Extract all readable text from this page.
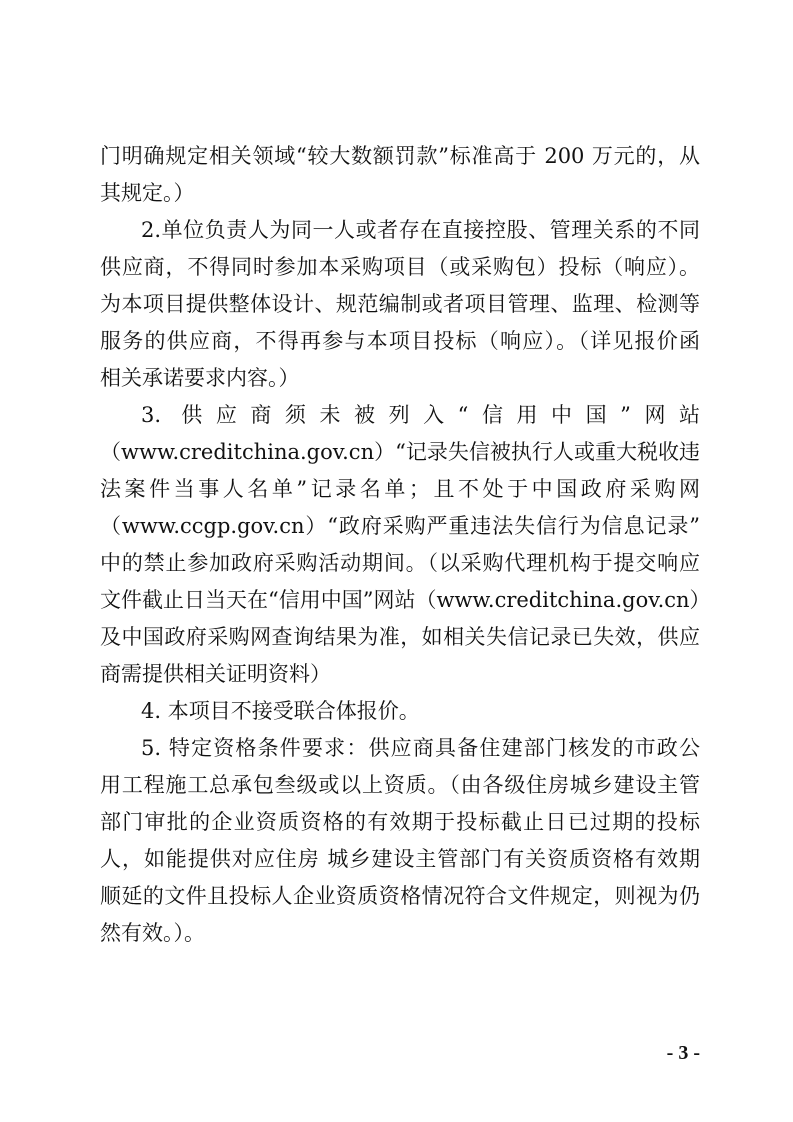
门明确规定相关领域“较大数额罚款”标准高于 200 万元的，从
其规定。）
2.单位负责人为同一人或者存在直接控股、管理关系的不同
供应商，不得同时参加本采购项目（或采购包）投标（响应）。
为本项目提供整体设计、规范编制或者项目管理、监理、检测等
服务的供应商，不得再参与本项目投标（响应）。（详见报价函
相关承诺要求内容。）
3. 供应商须未被列入“信用中国”网站
（www.creditchina.gov.cn）“记录失信被执行人或重大税收违
法案件当事人名单”记录名单；且不处于中国政府采购网
（www.ccgp.gov.cn）“政府采购严重违法失信行为信息记录”
中的禁止参加政府采购活动期间。（以采购代理机构于提交响应
文件截止日当天在“信用中国”网站（www.creditchina.gov.cn）
及中国政府采购网查询结果为准，如相关失信记录已失效，供应
商需提供相关证明资料）
4. 本项目不接受联合体报价。
5. 特定资格条件要求：供应商具备住建部门核发的市政公
用工程施工总承包叁级或以上资质。（由各级住房城乡建设主管
部门审批的企业资质资格的有效期于投标截止日已过期的投标
人，如能提供对应住房 城乡建设主管部门有关资质资格有效期
顺延的文件且投标人企业资质资格情况符合文件规定，则视为仍
然有效。）。
- 3 -
